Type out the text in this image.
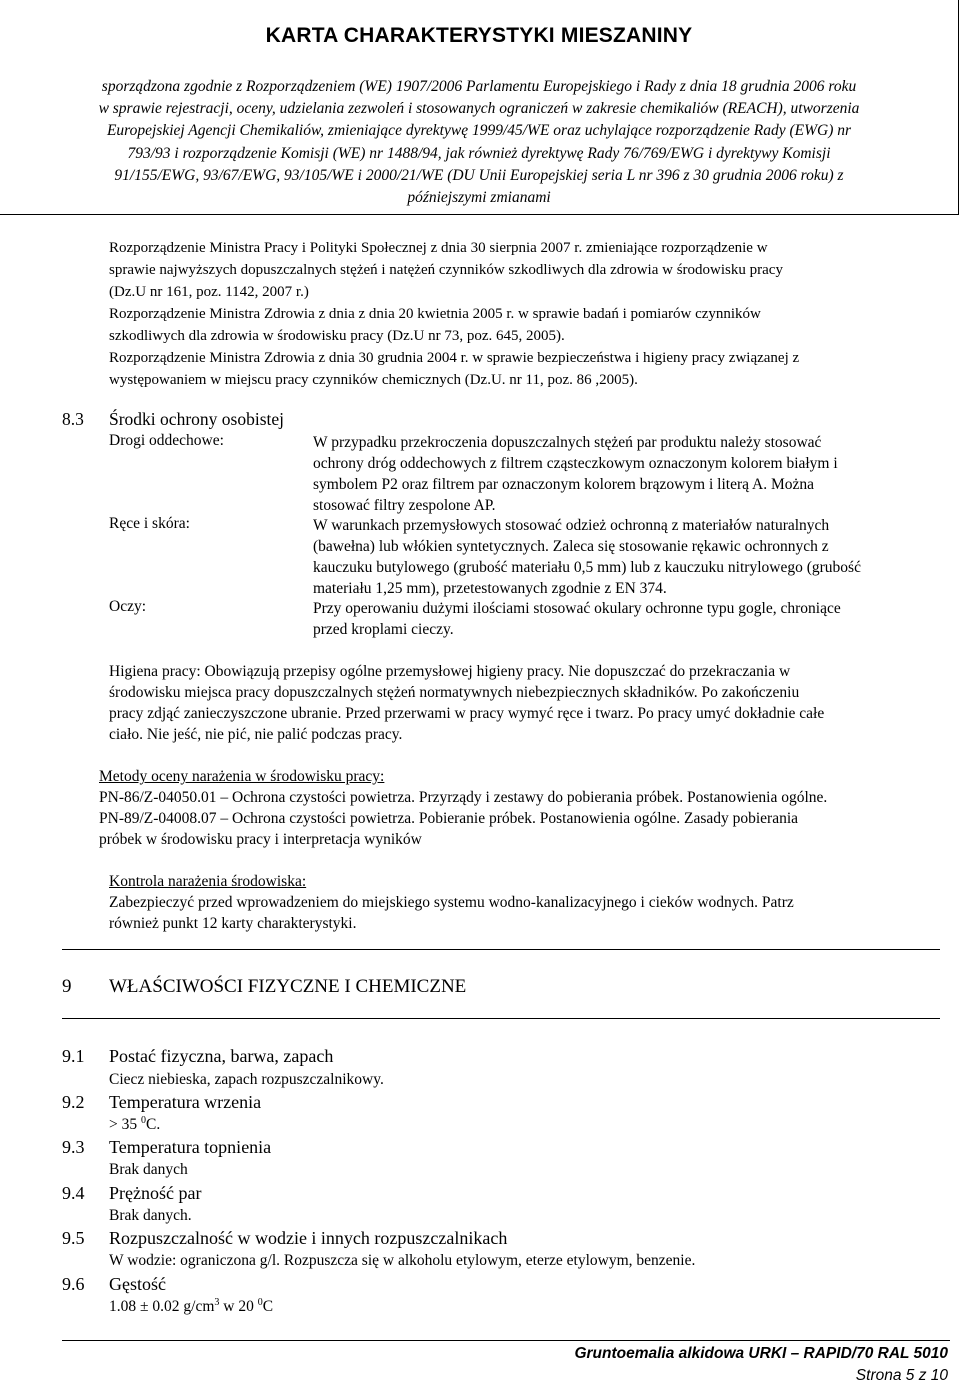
KARTA CHARAKTERYSTYKI MIESZANINY
sporządzona zgodnie z Rozporządzeniem (WE) 1907/2006 Parlamentu Europejskiego i Rady z dnia 18 grudnia 2006 roku
w sprawie rejestracji, oceny, udzielania zezwoleń i stosowanych ograniczeń w zakresie chemikaliów (REACH), utworzenia
Europejskiej Agencji Chemikaliów, zmieniające dyrektywę 1999/45/WE oraz uchylające rozporządzenie Rady (EWG) nr
793/93 i rozporządzenie Komisji (WE) nr 1488/94, jak również dyrektywę Rady 76/769/EWG i dyrektywy Komisji
91/155/EWG, 93/67/EWG, 93/105/WE i 2000/21/WE (DU Unii Europejskiej seria L nr 396 z 30 grudnia 2006 roku) z
późniejszymi zmianami
Rozporządzenie Ministra Pracy i Polityki Społecznej z dnia 30 sierpnia 2007 r. zmieniające rozporządzenie w
sprawie najwyższych dopuszczalnych stężeń i natężeń czynników szkodliwych dla zdrowia w środowisku pracy
(Dz.U nr 161, poz. 1142, 2007 r.)
Rozporządzenie Ministra Zdrowia z dnia z dnia 20 kwietnia 2005 r. w sprawie badań i pomiarów czynników
szkodliwych dla zdrowia w środowisku pracy (Dz.U nr 73, poz. 645, 2005).
Rozporządzenie Ministra Zdrowia z dnia 30 grudnia 2004 r. w sprawie bezpieczeństwa i higieny pracy związanej z
występowaniem w miejscu pracy czynników chemicznych (Dz.U. nr 11, poz. 86 ,2005).
8.3 Środki ochrony osobistej
Drogi oddechowe:	W przypadku przekroczenia dopuszczalnych stężeń par produktu należy stosować
ochrony dróg oddechowych z filtrem cząsteczkowym oznaczonym kolorem białym i
symbolem P2 oraz filtrem par oznaczonym kolorem brązowym i literą A. Można
stosować filtry zespolone AP.
Ręce i skóra:	W warunkach przemysłowych stosować odzież ochronną z materiałów naturalnych
(bawełna) lub włókien syntetycznych. Zaleca się stosowanie rękawic ochronnych z
kauczuku butylowego (grubość materiału 0,5 mm) lub z kauczuku nitrylowego (grubość
materiału 1,25 mm), przetestowanych zgodnie z EN 374.
Oczy:	Przy operowaniu dużymi ilościami stosować okulary ochronne typu gogle, chroniące
przed kroplami cieczy.
Higiena pracy: Obowiązują przepisy ogólne przemysłowej higieny pracy. Nie dopuszczać do przekraczania w
środowisku miejsca pracy dopuszczalnych stężeń normatywnych niebezpiecznych składników. Po zakończeniu
pracy zdjąć zanieczyszczone ubranie. Przed przerwami w pracy wymyć ręce i twarz. Po pracy umyć dokładnie całe
ciało. Nie jeść, nie pić, nie palić podczas pracy.
Metody oceny narażenia w środowisku pracy:
PN-86/Z-04050.01 – Ochrona czystości powietrza. Przyrządy i zestawy do pobierania próbek. Postanowienia ogólne.
PN-89/Z-04008.07 – Ochrona czystości powietrza. Pobieranie próbek. Postanowienia ogólne. Zasady pobierania
próbek w środowisku pracy i interpretacja wyników
Kontrola narażenia środowiska:
Zabezpieczyć przed wprowadzeniem do miejskiego systemu wodno-kanalizacyjnego i cieków wodnych. Patrz
również punkt 12 karty charakterystyki.
9 WŁAŚCIWOŚCI FIZYCZNE I CHEMICZNE
9.1 Postać fizyczna, barwa, zapach
Ciecz niebieska, zapach rozpuszczalnikowy.
9.2 Temperatura wrzenia
> 35 $^0$C.
9.3 Temperatura topnienia
Brak danych
9.4 Prężność par
Brak danych.
9.5 Rozpuszczalność w wodzie i innych rozpuszczalnikach
W wodzie: ograniczona g/l. Rozpuszcza się w alkoholu etylowym, eterze etylowym, benzenie.
9.6 Gęstość
1.08 ± 0.02 $g/cm^3$ w 20 $^0$C
Gruntoemalia alkidowa URKI – RAPID/70 RAL 5010
Strona 5 z 10
